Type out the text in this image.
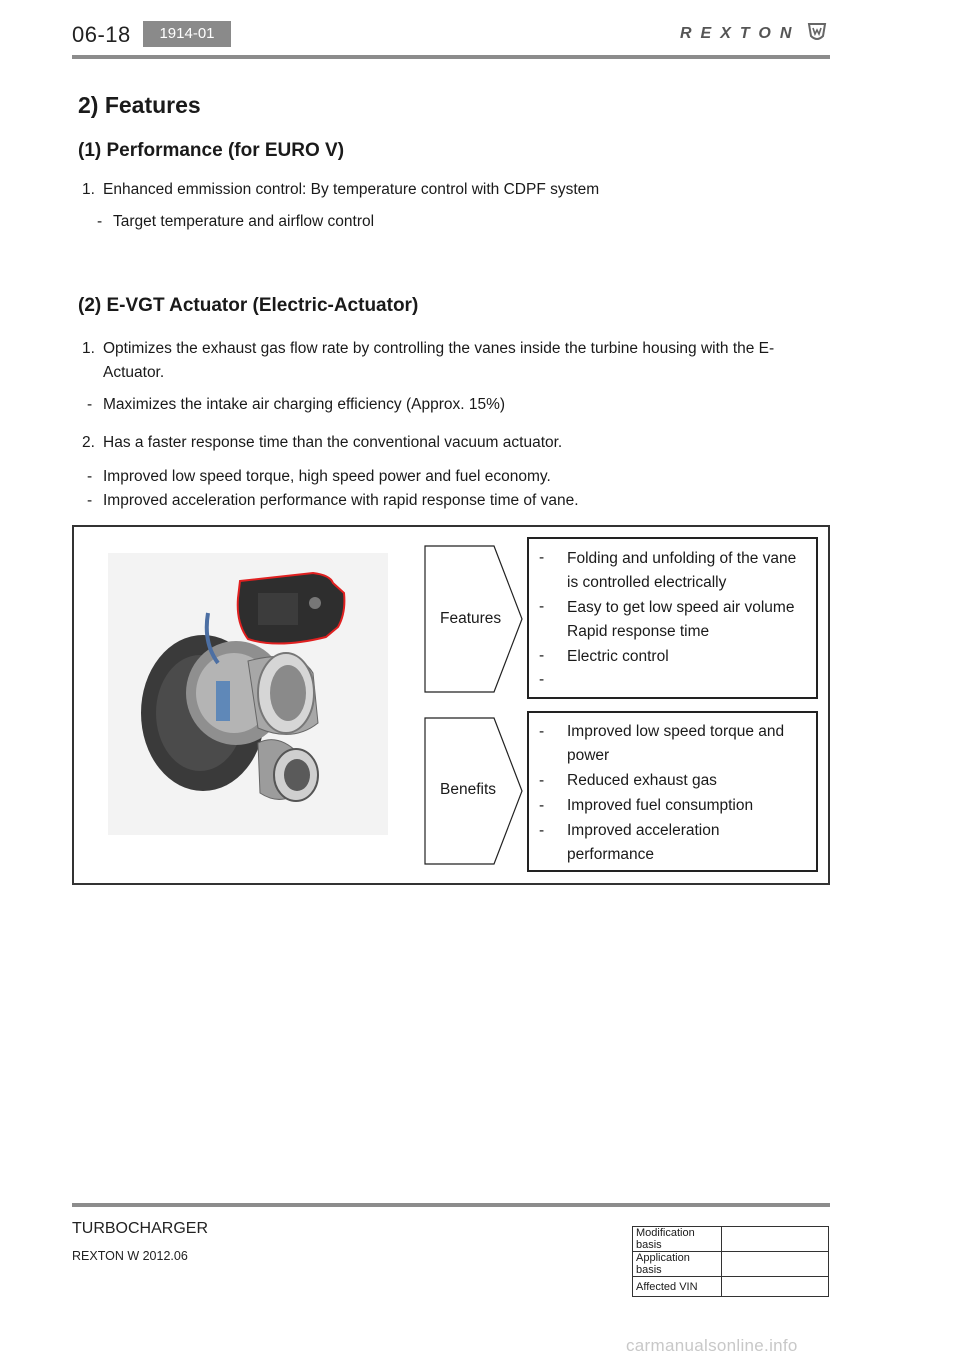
06-18	1914-01	REXTON
2) Features
(1) Performance (for EURO V)
1. Enhanced emmission control: By temperature control with CDPF system
- Target temperature and airflow control
(2) E-VGT Actuator (Electric-Actuator)
1. Optimizes the exhaust gas flow rate by controlling the vanes inside the turbine housing with the E-
Actuator.
- Maximizes the intake air charging efficiency (Approx. 15%)
2. Has a faster response time than the conventional vacuum actuator.
- Improved low speed torque, high speed power and fuel economy.
- Improved acceleration performance with rapid response time of vane.
Features
- Folding and unfolding of the vane
is controlled electrically
- Easy to get low speed air volume
Rapid response time
- Electric control
-
Benefits
- Improved low speed torque and
power
- Reduced exhaust gas
- Improved fuel consumption
- Improved acceleration
performance
TURBOCHARGER
REXTON W 2012.06
Modification basis	
Application basis	
Affected VIN	
carmanualsonline.info
